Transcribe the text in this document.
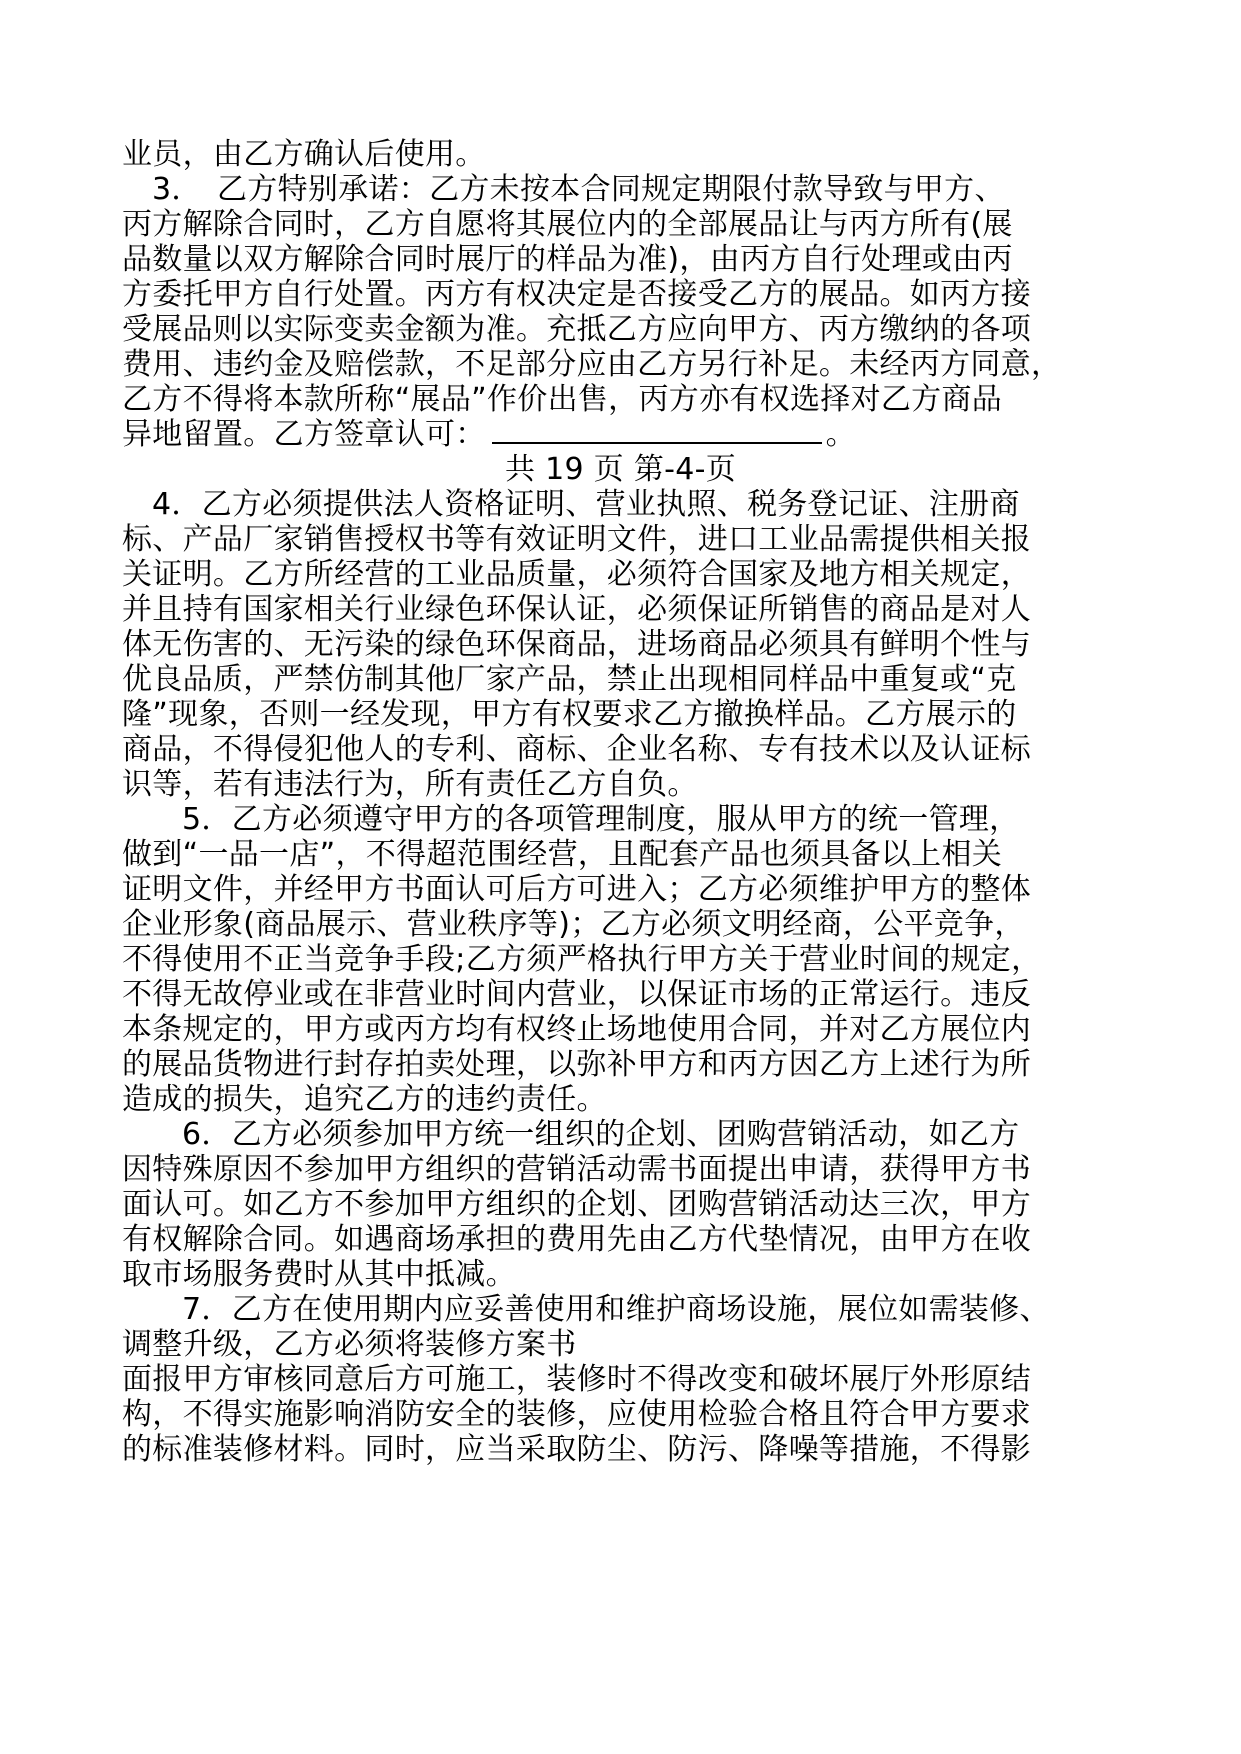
业员，由乙方确认后使用。
3．　乙方特别承诺：乙方未按本合同规定期限付款导致与甲方、
丙方解除合同时，乙方自愿将其展位内的全部展品让与丙方所有(展
品数量以双方解除合同时展厅的样品为准)，由丙方自行处理或由丙
方委托甲方自行处置。丙方有权决定是否接受乙方的展品。如丙方接
受展品则以实际变卖金额为准。充抵乙方应向甲方、丙方缴纳的各项
费用、违约金及赔偿款，不足部分应由乙方另行补足。未经丙方同意，
乙方不得将本款所称“展品”作价出售，丙方亦有权选择对乙方商品
异地留置。乙方签章认可：	。
共 19 页 第-4-页
4．乙方必须提供法人资格证明、营业执照、税务登记证、注册商
标、产品厂家销售授权书等有效证明文件，进口工业品需提供相关报
关证明。乙方所经营的工业品质量，必须符合国家及地方相关规定，
并且持有国家相关行业绿色环保认证，必须保证所销售的商品是对人
体无伤害的、无污染的绿色环保商品，进场商品必须具有鲜明个性与
优良品质，严禁仿制其他厂家产品，禁止出现相同样品中重复或“克
隆”现象，否则一经发现，甲方有权要求乙方撤换样品。乙方展示的
商品，不得侵犯他人的专利、商标、企业名称、专有技术以及认证标
识等，若有违法行为，所有责任乙方自负。
5．乙方必须遵守甲方的各项管理制度，服从甲方的统一管理，
做到“一品一店”，不得超范围经营，且配套产品也须具备以上相关
证明文件，并经甲方书面认可后方可进入；乙方必须维护甲方的整体
企业形象(商品展示、营业秩序等)；乙方必须文明经商，公平竞争，
不得使用不正当竞争手段;乙方须严格执行甲方关于营业时间的规定，
不得无故停业或在非营业时间内营业，以保证市场的正常运行。违反
本条规定的，甲方或丙方均有权终止场地使用合同，并对乙方展位内
的展品货物进行封存拍卖处理，以弥补甲方和丙方因乙方上述行为所
造成的损失，追究乙方的违约责任。
6．乙方必须参加甲方统一组织的企划、团购营销活动，如乙方
因特殊原因不参加甲方组织的营销活动需书面提出申请，获得甲方书
面认可。如乙方不参加甲方组织的企划、团购营销活动达三次，甲方
有权解除合同。如遇商场承担的费用先由乙方代垫情况，由甲方在收
取市场服务费时从其中抵减。
7．乙方在使用期内应妥善使用和维护商场设施，展位如需装修、
调整升级，乙方必须将装修方案书
面报甲方审核同意后方可施工，装修时不得改变和破坏展厅外形原结
构，不得实施影响消防安全的装修，应使用检验合格且符合甲方要求
的标准装修材料。同时，应当采取防尘、防污、降噪等措施，不得影
